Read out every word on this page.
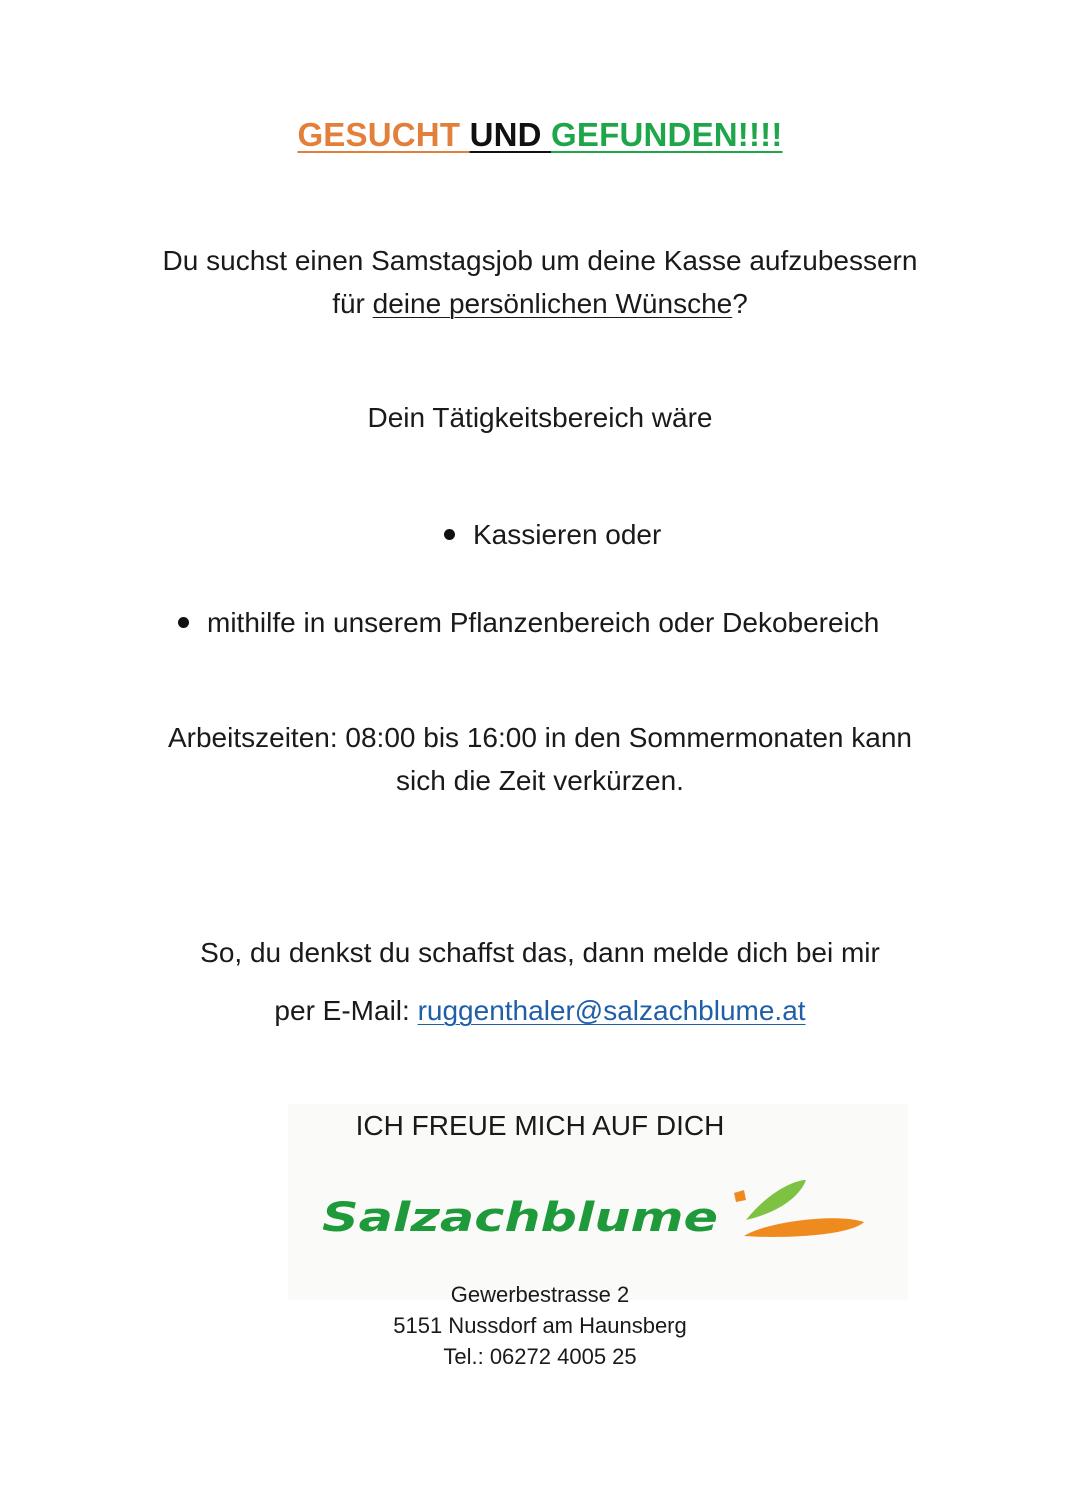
GESUCHT UND GEFUNDEN!!!!
Du suchst einen Samstagsjob um deine Kasse aufzubessern
für deine persönlichen Wünsche?
Dein Tätigkeitsbereich wäre
Kassieren oder
mithilfe in unserem Pflanzenbereich oder Dekobereich
Arbeitszeiten: 08:00 bis 16:00 in den Sommermonaten kann
sich die Zeit verkürzen.
So, du denkst du schaffst das, dann melde dich bei mir
per E-Mail: ruggenthaler@salzachblume.at
ICH FREUE MICH AUF DICH
Salzachblume
Gewerbestrasse 2
5151 Nussdorf am Haunsberg
Tel.: 06272 4005 25
